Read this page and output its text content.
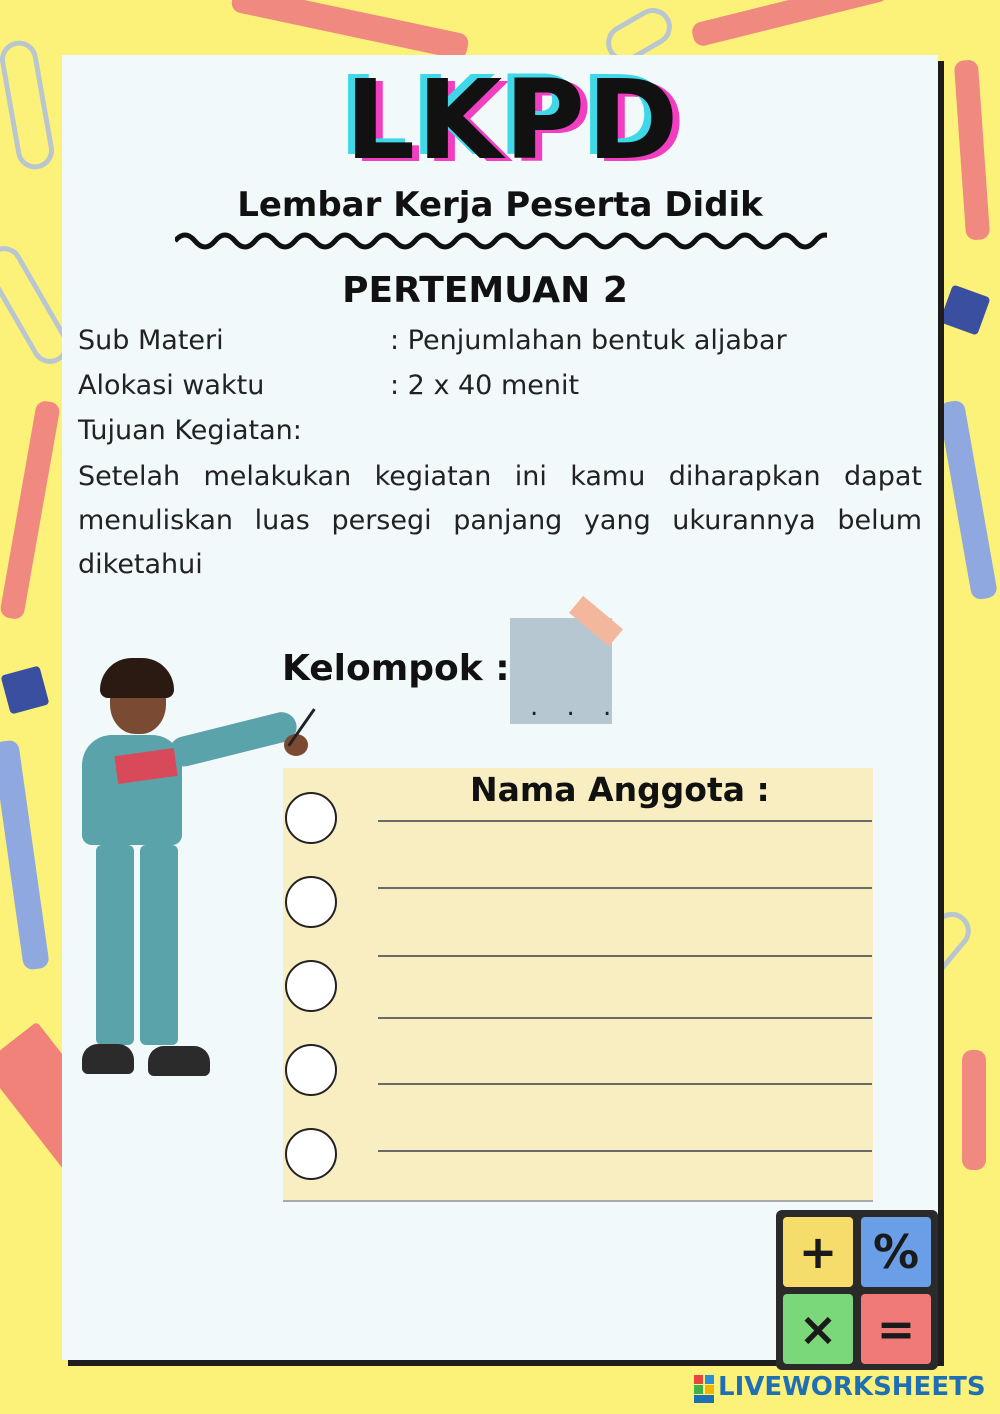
LKPD
Lembar Kerja Peserta Didik
PERTEMUAN 2
Sub Materi	: Penjumlahan bentuk aljabar
Alokasi waktu	: 2 x 40 menit
Tujuan Kegiatan:
Setelah melakukan kegiatan ini kamu diharapkan dapat menuliskan luas persegi panjang yang ukurannya belum diketahui
Kelompok :
. . .
Nama Anggota :
+ %
× =
LIVEWORKSHEETS
